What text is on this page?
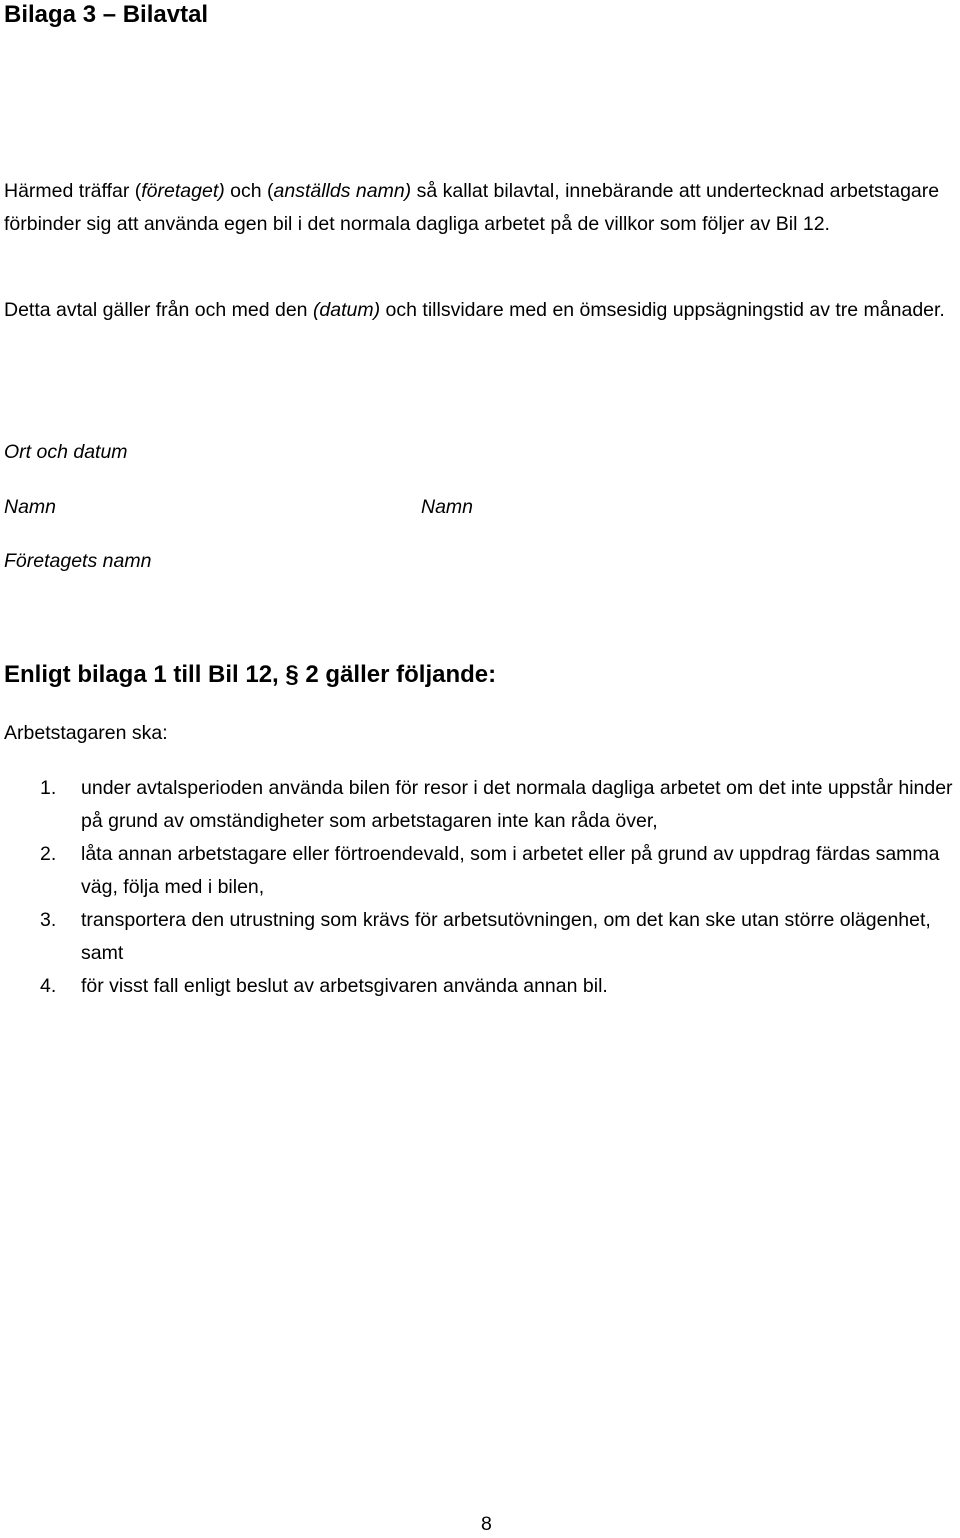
Bilaga 3 – Bilavtal

Härmed träffar (företaget) och (anställds namn) så kallat bilavtal, innebärande att undertecknad arbetstagare förbinder sig att använda egen bil i det normala dagliga arbetet på de villkor som följer av Bil 12.

Detta avtal gäller från och med den (datum) och tillsvidare med en ömsesidig uppsägningstid av tre månader.

Ort och datum

Namn	Namn

Företagets namn

Enligt bilaga 1 till Bil 12, § 2 gäller följande:

Arbetstagaren ska:

1. under avtalsperioden använda bilen för resor i det normala dagliga arbetet om det inte uppstår hinder på grund av omständigheter som arbetstagaren inte kan råda över,
2. låta annan arbetstagare eller förtroendevald, som i arbetet eller på grund av uppdrag färdas samma väg, följa med i bilen,
3. transportera den utrustning som krävs för arbetsutövningen, om det kan ske utan större olägenhet, samt
4. för visst fall enligt beslut av arbetsgivaren använda annan bil.

8
